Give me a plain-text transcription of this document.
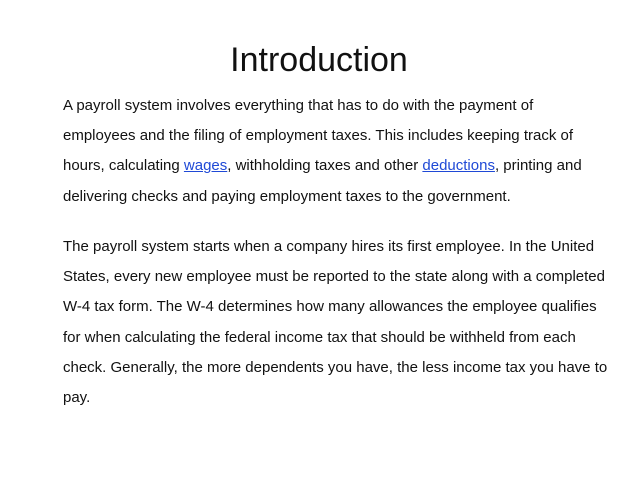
Introduction

A payroll system involves everything that has to do with the payment of employees and the filing of employment taxes. This includes keeping track of hours, calculating wages, withholding taxes and other deductions, printing and delivering checks and paying employment taxes to the government.

The payroll system starts when a company hires its first employee. In the United States, every new employee must be reported to the state along with a completed W-4 tax form. The W-4 determines how many allowances the employee qualifies for when calculating the federal income tax that should be withheld from each check. Generally, the more dependents you have, the less income tax you have to pay.
